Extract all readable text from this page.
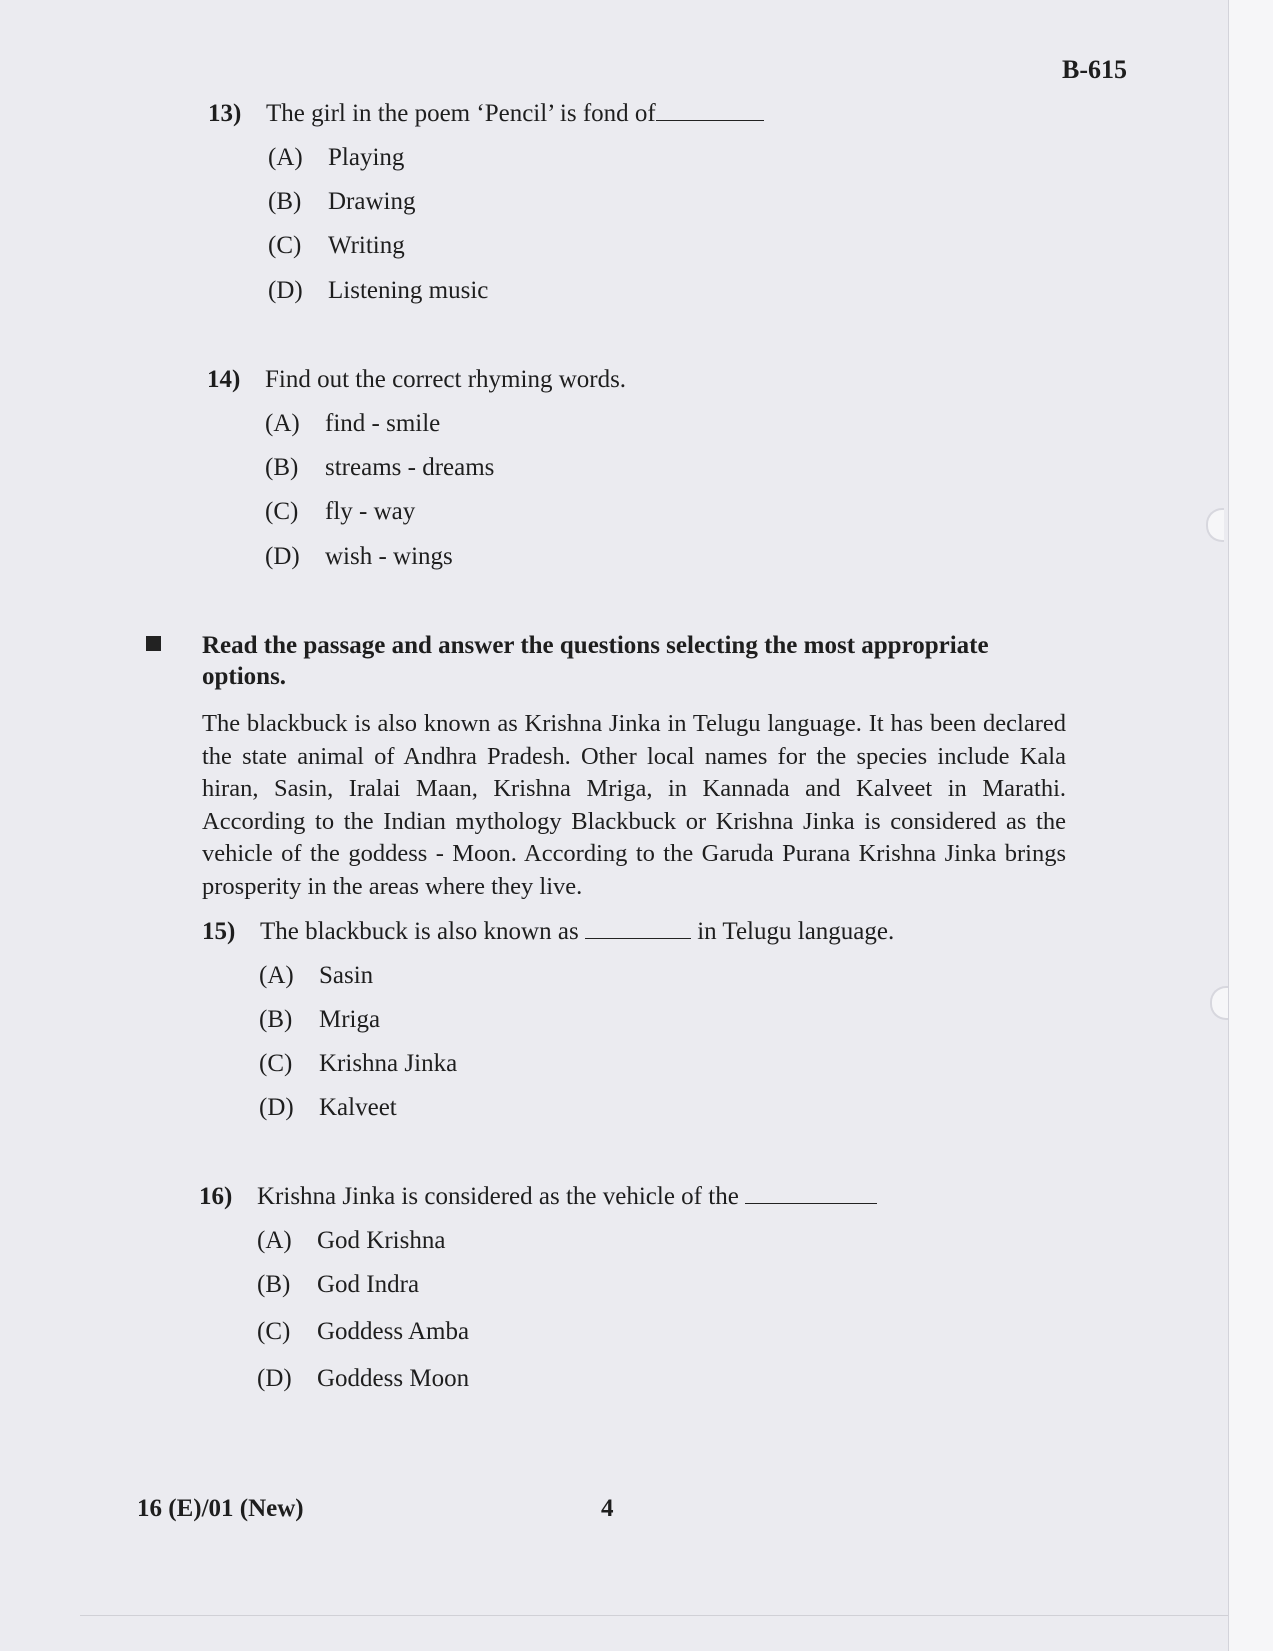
B-615
13) The girl in the poem ‘Pencil’ is fond of
(A) Playing
(B) Drawing
(C) Writing
(D) Listening music
14) Find out the correct rhyming words.
(A) find - smile
(B) streams - dreams
(C) fly - way
(D) wish - wings
Read the passage and answer the questions selecting the most appropriate options.
The blackbuck is also known as Krishna Jinka in Telugu language. It has been declared the state animal of Andhra Pradesh. Other local names for the species include Kala hiran, Sasin, Iralai Maan, Krishna Mriga, in Kannada and Kalveet in Marathi. According to the Indian mythology Blackbuck or Krishna Jinka is considered as the vehicle of the goddess - Moon. According to the Garuda Purana Krishna Jinka brings prosperity in the areas where they live.
15) The blackbuck is also known as	in Telugu language.
(A) Sasin
(B) Mriga
(C) Krishna Jinka
(D) Kalveet
16) Krishna Jinka is considered as the vehicle of the
(A) God Krishna
(B) God Indra
(C) Goddess Amba
(D) Goddess Moon
16 (E)/01 (New)	4
